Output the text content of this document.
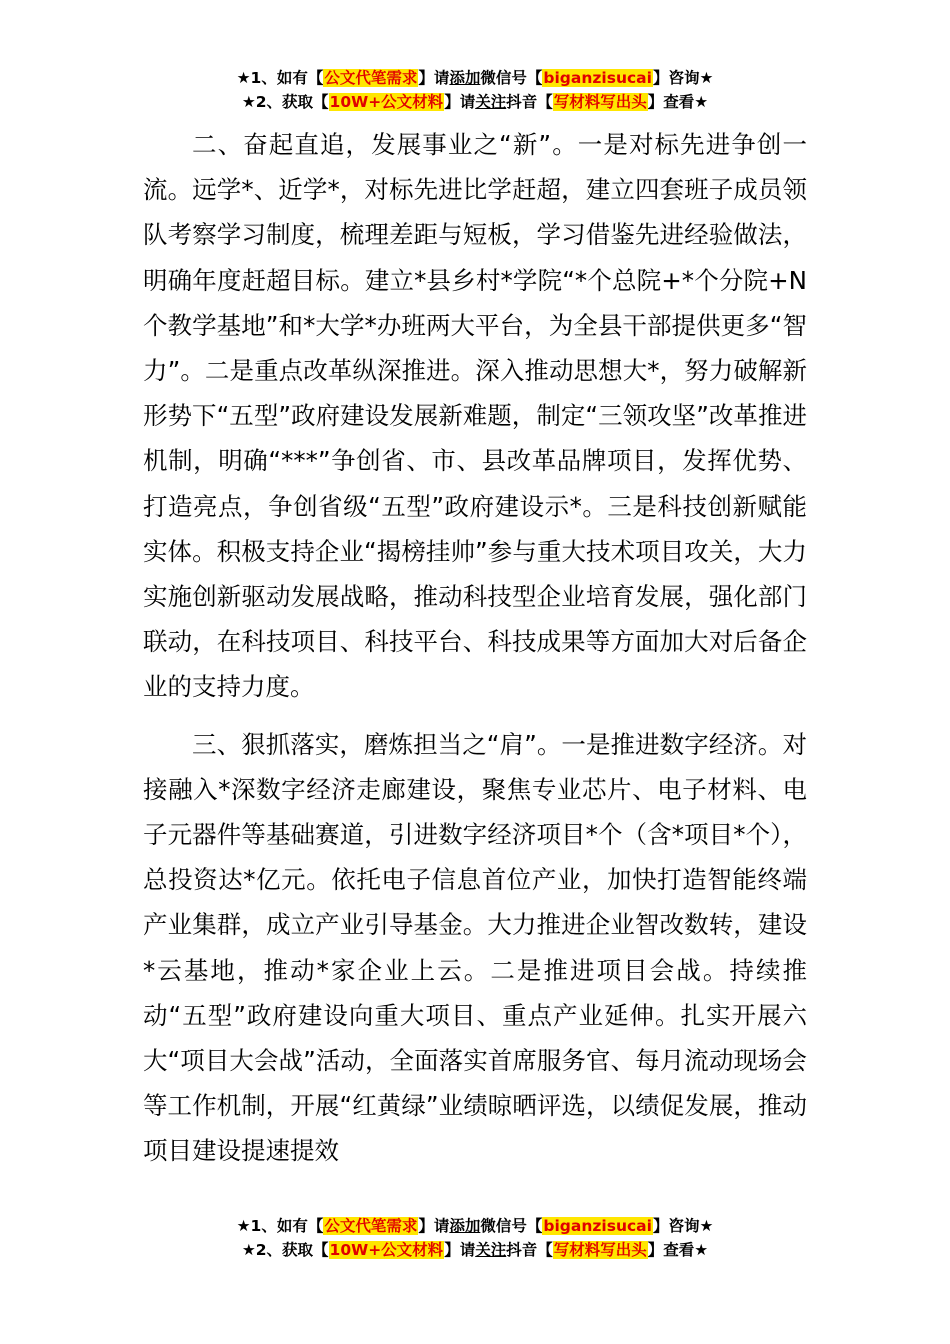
★1、如有【公文代笔需求】请添加微信号【biganzisucai】咨询★
★2、获取【10W+公文材料】请关注抖音【写材料写出头】查看★

二、奋起直追，发展事业之“新”。一是对标先进争创一流。远学*、近学*，对标先进比学赶超，建立四套班子成员领队考察学习制度，梳理差距与短板，学习借鉴先进经验做法，明确年度赶超目标。建立*县乡村*学院“*个总院+*个分院+N 个教学基地”和*大学*办班两大平台，为全县干部提供更多“智力”。二是重点改革纵深推进。深入推动思想大*，努力破解新形势下“五型”政府建设发展新难题，制定“三领攻坚”改革推进机制，明确“***”争创省、市、县改革品牌项目，发挥优势、打造亮点，争创省级“五型”政府建设示*。三是科技创新赋能实体。积极支持企业“揭榜挂帅”参与重大技术项目攻关，大力实施创新驱动发展战略，推动科技型企业培育发展，强化部门联动，在科技项目、科技平台、科技成果等方面加大对后备企业的支持力度。

三、狠抓落实，磨炼担当之“肩”。一是推进数字经济。对接融入*深数字经济走廊建设，聚焦专业芯片、电子材料、电子元器件等基础赛道，引进数字经济项目*个（含*项目*个），总投资达*亿元。依托电子信息首位产业，加快打造智能终端产业集群，成立产业引导基金。大力推进企业智改数转，建设*云基地，推动*家企业上云。二是推进项目会战。持续推动“五型”政府建设向重大项目、重点产业延伸。扎实开展六大“项目大会战”活动，全面落实首席服务官、每月流动现场会等工作机制，开展“红黄绿”业绩晾晒评选，以绩促发展，推动项目建设提速提效

★1、如有【公文代笔需求】请添加微信号【biganzisucai】咨询★
★2、获取【10W+公文材料】请关注抖音【写材料写出头】查看★
